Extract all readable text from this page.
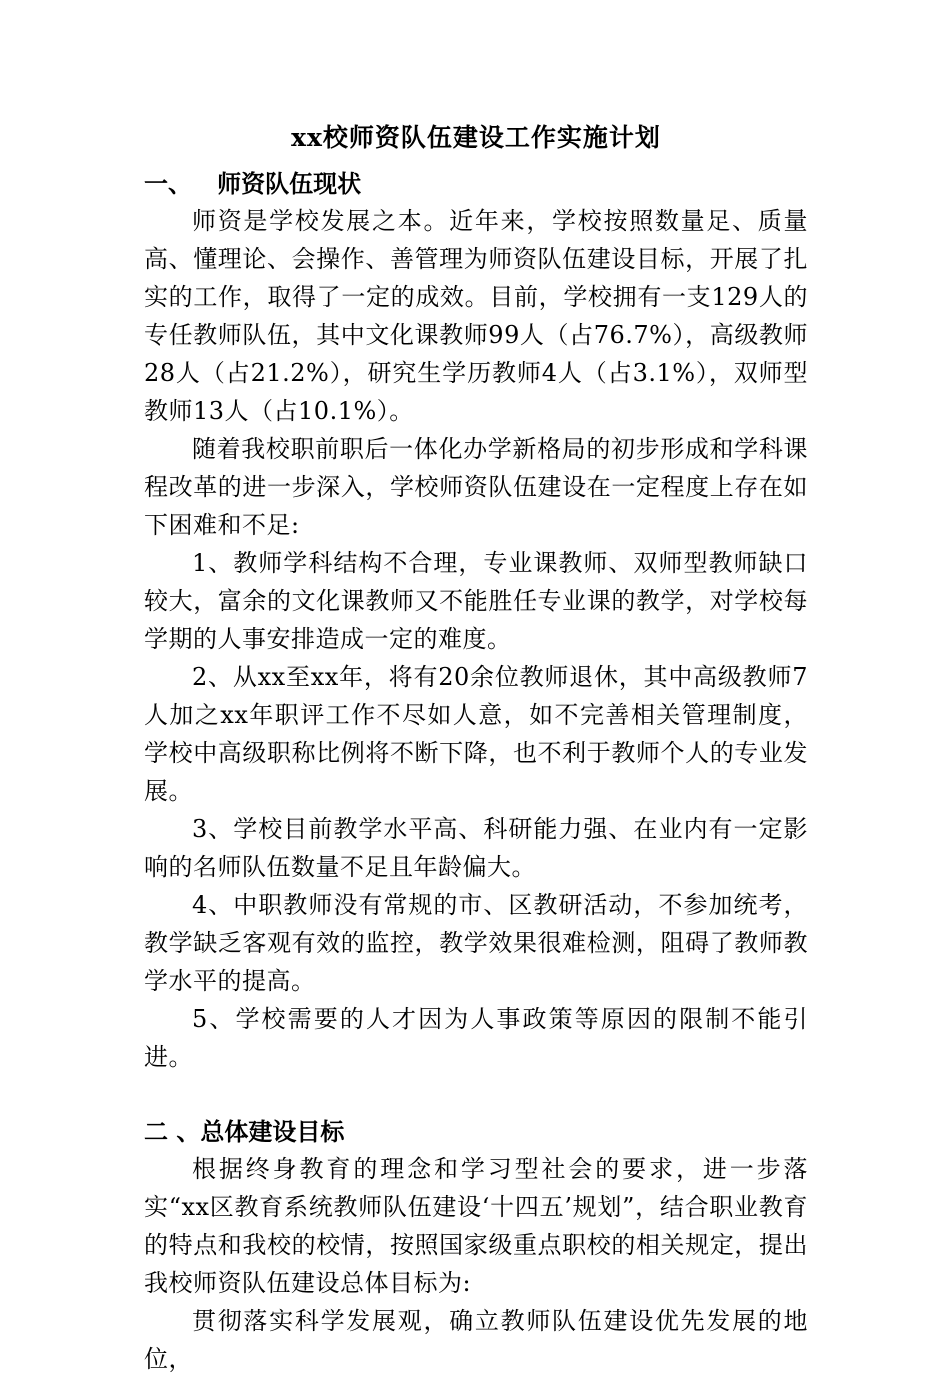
xx校师资队伍建设工作实施计划
一、   师资队伍现状

师资是学校发展之本。近年来，学校按照数量足、质量高、懂理论、会操作、善管理为师资队伍建设目标，开展了扎实的工作，取得了一定的成效。目前，学校拥有一支129人的专任教师队伍，其中文化课教师99人（占76.7%），高级教师28人（占21.2%），研究生学历教师4人（占3.1%），双师型教师13人（占10.1%）。

随着我校职前职后一体化办学新格局的初步形成和学科课程改革的进一步深入，学校师资队伍建设在一定程度上存在如下困难和不足:

1、教师学科结构不合理，专业课教师、双师型教师缺口较大，富余的文化课教师又不能胜任专业课的教学，对学校每学期的人事安排造成一定的难度。

2、从xx至xx年，将有20余位教师退休，其中高级教师7人加之xx年职评工作不尽如人意，如不完善相关管理制度，学校中高级职称比例将不断下降，也不利于教师个人的专业发展。

3、学校目前教学水平高、科研能力强、在业内有一定影响的名师队伍数量不足且年龄偏大。

4、中职教师没有常规的市、区教研活动，不参加统考，教学缺乏客观有效的监控，教学效果很难检测，阻碍了教师教学水平的提高。

5、学校需要的人才因为人事政策等原因的限制不能引进。

二 、总体建设目标

根据终身教育的理念和学习型社会的要求，进一步落实“xx区教育系统教师队伍建设‘十四五’规划”，结合职业教育的特点和我校的校情，按照国家级重点职校的相关规定，提出我校师资队伍建设总体目标为:

贯彻落实科学发展观，确立教师队伍建设优先发展的地位，
